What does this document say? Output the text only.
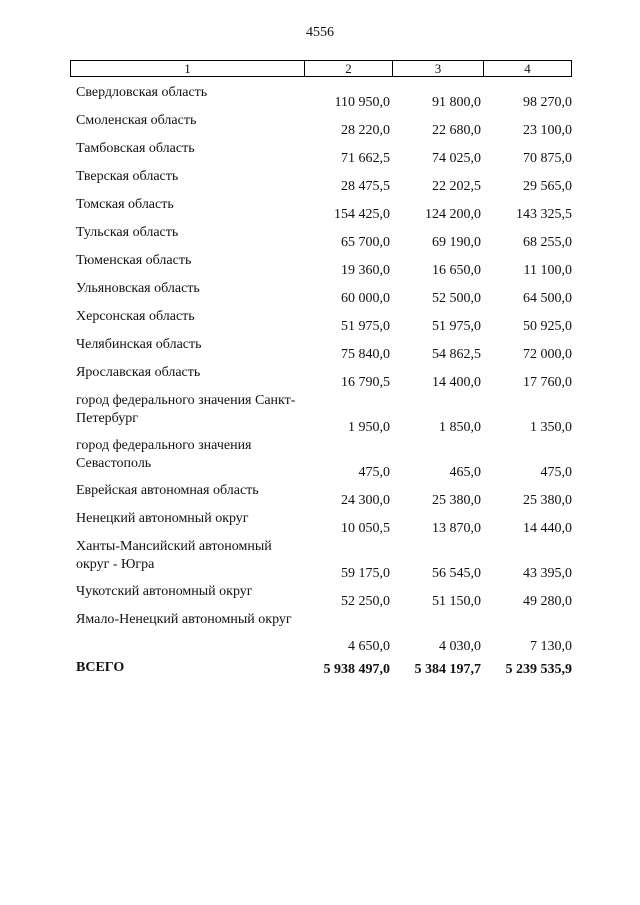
4556
1	2	3	4
Свердловская область
110 950,0	91 800,0	98 270,0
Смоленская область
28 220,0	22 680,0	23 100,0
Тамбовская область
71 662,5	74 025,0	70 875,0
Тверская область
28 475,5	22 202,5	29 565,0
Томская область
154 425,0	124 200,0	143 325,5
Тульская область
65 700,0	69 190,0	68 255,0
Тюменская область
19 360,0	16 650,0	11 100,0
Ульяновская область
60 000,0	52 500,0	64 500,0
Херсонская область
51 975,0	51 975,0	50 925,0
Челябинская область
75 840,0	54 862,5	72 000,0
Ярославская область
16 790,5	14 400,0	17 760,0
город федерального значения Санкт-Петербург
1 950,0	1 850,0	1 350,0
город федерального значения Севастополь
475,0	465,0	475,0
Еврейская автономная область
24 300,0	25 380,0	25 380,0
Ненецкий автономный округ
10 050,5	13 870,0	14 440,0
Ханты-Мансийский автономный округ - Югра
59 175,0	56 545,0	43 395,0
Чукотский автономный округ
52 250,0	51 150,0	49 280,0
Ямало-Ненецкий автономный округ
4 650,0	4 030,0	7 130,0
ВСЕГО	5 938 497,0	5 384 197,7	5 239 535,9
